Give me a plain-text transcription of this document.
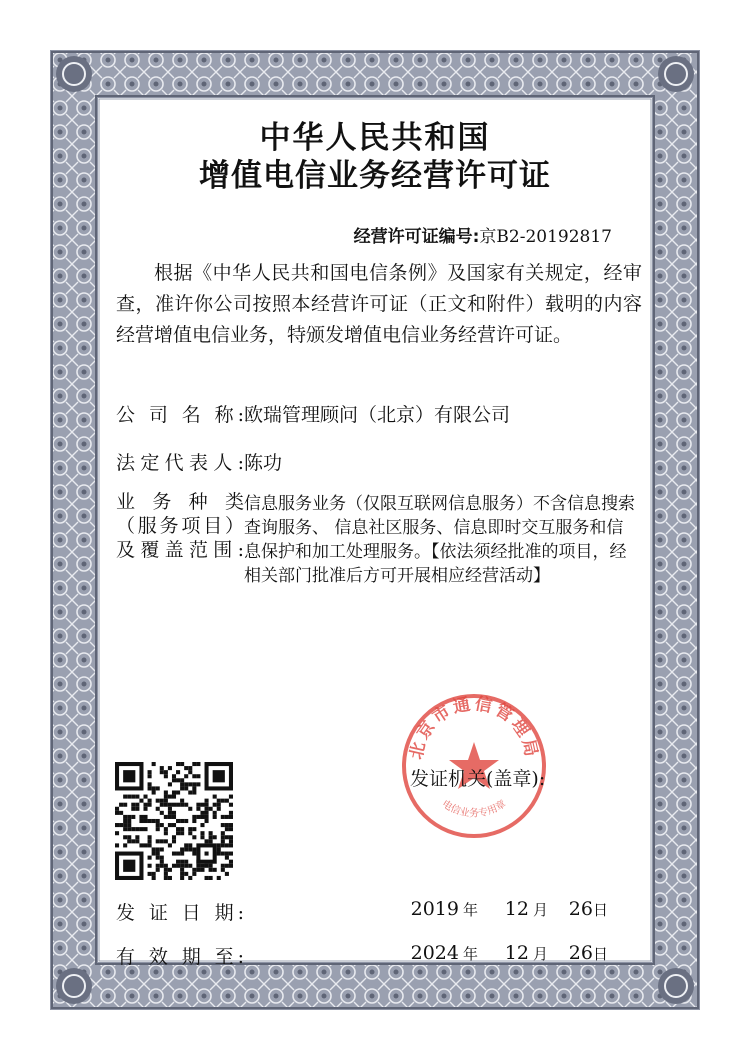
中华人民共和国
增值电信业务经营许可证
经营许可证编号:京B2-20192817
根据《中华人民共和国电信条例》及国家有关规定，经审查，准许你公司按照本经营许可证（正文和附件）载明的内容经营增值电信业务，特颁发增值电信业务经营许可证。
公 司 名 称:欧瑞管理顾问（北京）有限公司
法定代表人:陈功
业 务 种 类
（服务项目）
及覆盖范围:
信息服务业务（仅限互联网信息服务）不含信息搜索查询服务、 信息社区服务、信息即时交互服务和信息保护和加工处理服务。【依法须经批准的项目，经相关部门批准后方可开展相应经营活动】
北京市通信管理局
电信业务专用章
发证机关(盖章):
发 证 日 期:	2019 年 12 月 26日
有 效 期 至:	2024 年 12 月 26日
